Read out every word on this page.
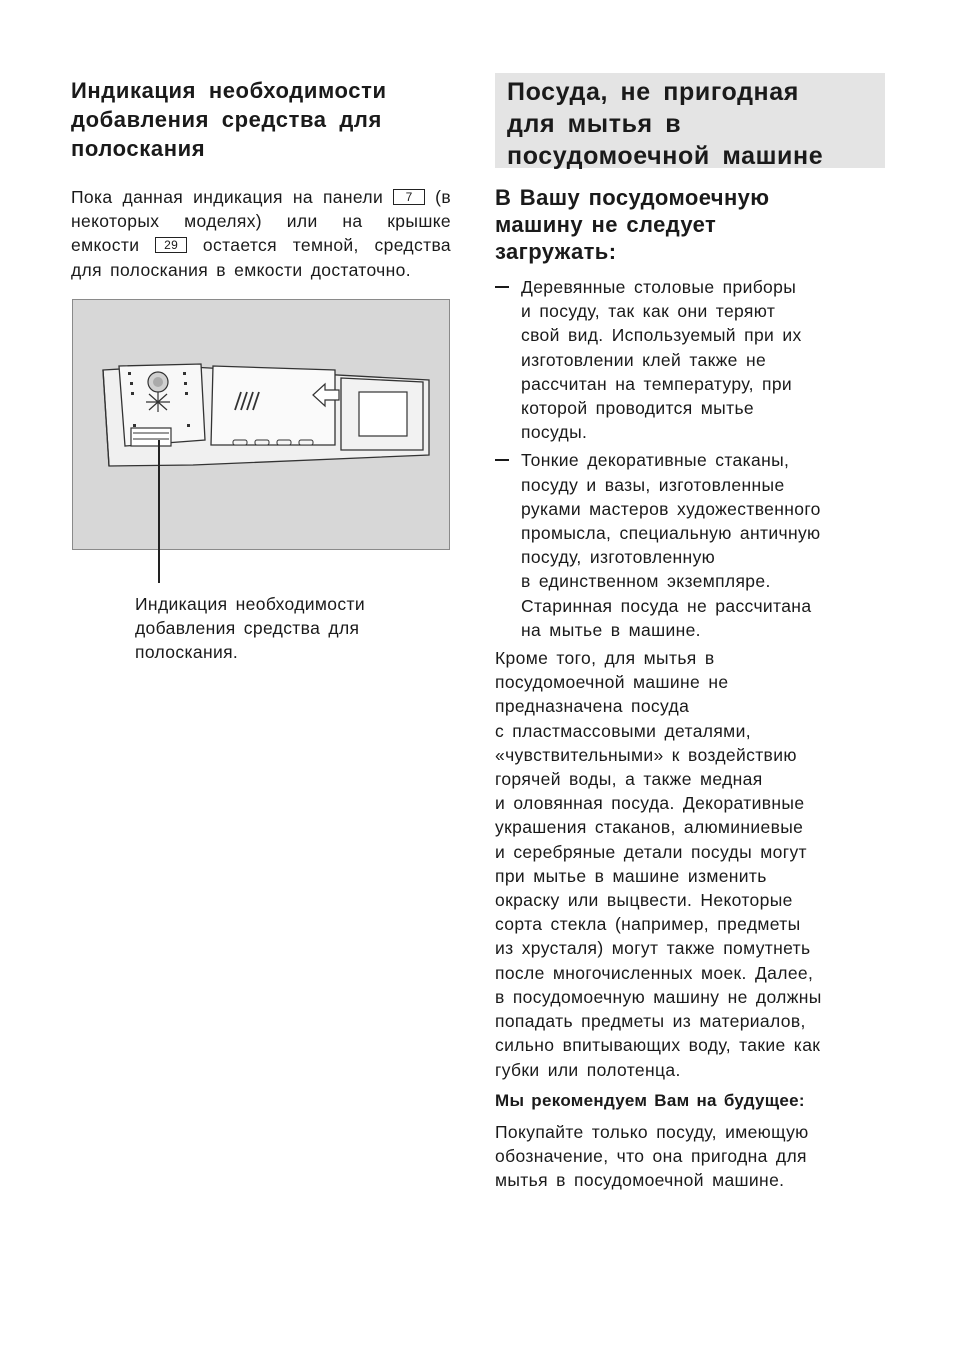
Индикация необходимости
добавления средства для
полоскания
Пока данная индикация на панели 7 (в некоторых моделях) или на крышке емкости 29 остается темной, средства для полоскания в емкости достаточно.
Индикация необходимости
добавления средства для
полоскания.
Посуда, не пригодная
для мытья в
посудомоечной машине
В Вашу посудомоечную
машину не следует
загружать:
Деревянные столовые приборы
и посуду, так как они теряют
свой вид. Используемый при их
изготовлении клей также не
рассчитан на температуру, при
которой проводится мытье
посуды.
Тонкие декоративные стаканы,
посуду и вазы, изготовленные
руками мастеров художественного
промысла, специальную античную
посуду, изготовленную
в единственном экземпляре.
Старинная посуда не рассчитана
на мытье в машине.
Кроме того, для мытья в
посудомоечной машине не
предназначена посуда
с пластмассовыми деталями,
«чувствительными» к воздействию
горячей воды, а также медная
и оловянная посуда. Декоративные
украшения стаканов, алюминиевые
и серебряные детали посуды могут
при мытье в машине изменить
окраску или выцвести. Некоторые
сорта стекла (например, предметы
из хрусталя) могут также помутнеть
после многочисленных моек. Далее,
в посудомоечную машину не должны
попадать предметы из материалов,
сильно впитывающих воду, такие как
губки или полотенца.
Мы рекомендуем Вам на будущее:
Покупайте только посуду, имеющую
обозначение, что она пригодна для
мытья в посудомоечной машине.
